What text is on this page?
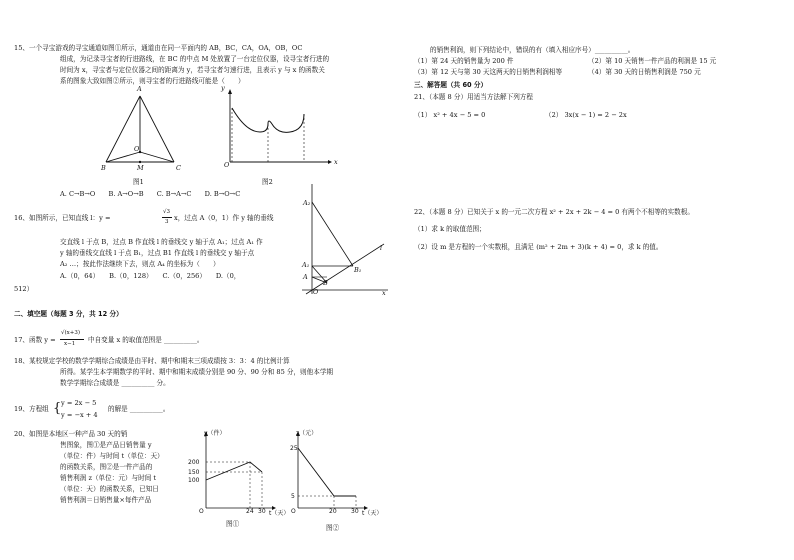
15、一个寻宝游戏的寻宝通道如图①所示，通道由在同一平面内的 AB，BC，CA，OA，OB，OC
组成，为记录寻宝者的行进路线，在 BC 的中点 M 处放置了一台定位仪器，设寻宝者行进的
时间为 x，寻宝者与定位仪器之间的距离为 y，若寻宝者匀速行进，且表示 y 与 x 的函数关
系的图象大致如图②所示，则寻宝者的行进路线可能是（　　）
A
B	C
O
M
图1
y
x
O
图2
A. C→B→O　　B. A→O→B　　C. B→A→C　　D. B→O→C
16、如图所示，已知直线 l：y =
√3
3 x，过点 A（0，1）作 y 轴的垂线
交直线 l 于点 B，过点 B 作直线 l 的垂线交 y 轴于点 A₁；过点 A₁ 作
y 轴的垂线交直线 l 于点 B₁，过点 B1 作直线 l 的垂线交 y 轴于点
A₂ …；按此作法继续下去，则点 A₄ 的坐标为（　　）
A.（0，64）　　B.（0，128）　　C.（0，256）　　D.（0，
512）
A₂
A₁
A
B
B₁
O	x
l
二、填空题（每题 3 分，共 12 分）
17、函数 y =
√(x+3)
x−1 中自变量 x 的取值范围是 __________。
18、某校规定学校的数学学期综合成绩是由平时、期中和期末三项成绩按 3：3：4 的比例计算
所得。某学生本学期数学的平时、期中和期末成绩分别是 90 分、90 分和 85 分，则他本学期
数学学期综合成绩是 __________ 分。
19、方程组 { y = 2x − 5
y = −x + 4
的解是 __________。
20、如图是本地区一种产品 30 天的销
售图象，图①是产品日销售量 y
（单位：件）与时间 t（单位：天）
的函数关系，图②是一件产品的
销售利润 z（单位：元）与时间 t
（单位：天）的函数关系，已知日
销售利润＝日销售量×每件产品
y（件）
200
150
100
O	24 30 t（天）
图①
z（元）
25
5
O	20 30 t（天）
图②
的销售利润，则下列结论中，错误的有（填入相应序号）__________。
（1）第 24 天的销售量为 200 件	（2）第 10 天销售一件产品的利润是 15 元
（3）第 12 天与第 30 天这两天的日销售利润相等	（4）第 30 天的日销售利润是 750 元
三、解答题（共 60 分）
21、（本题 8 分）用适当方法解下列方程
（1） x² + 4x − 5 = 0	（2） 3x(x − 1) = 2 − 2x
22、（本题 8 分）已知关于 x 的一元二次方程 x² + 2x + 2k − 4 = 0 有两个不相等的实数根。
（1）求 k 的取值范围；
（2）设 m 是方程的一个实数根，且满足 (m² + 2m + 3)(k + 4) = 0，求 k 的值。
